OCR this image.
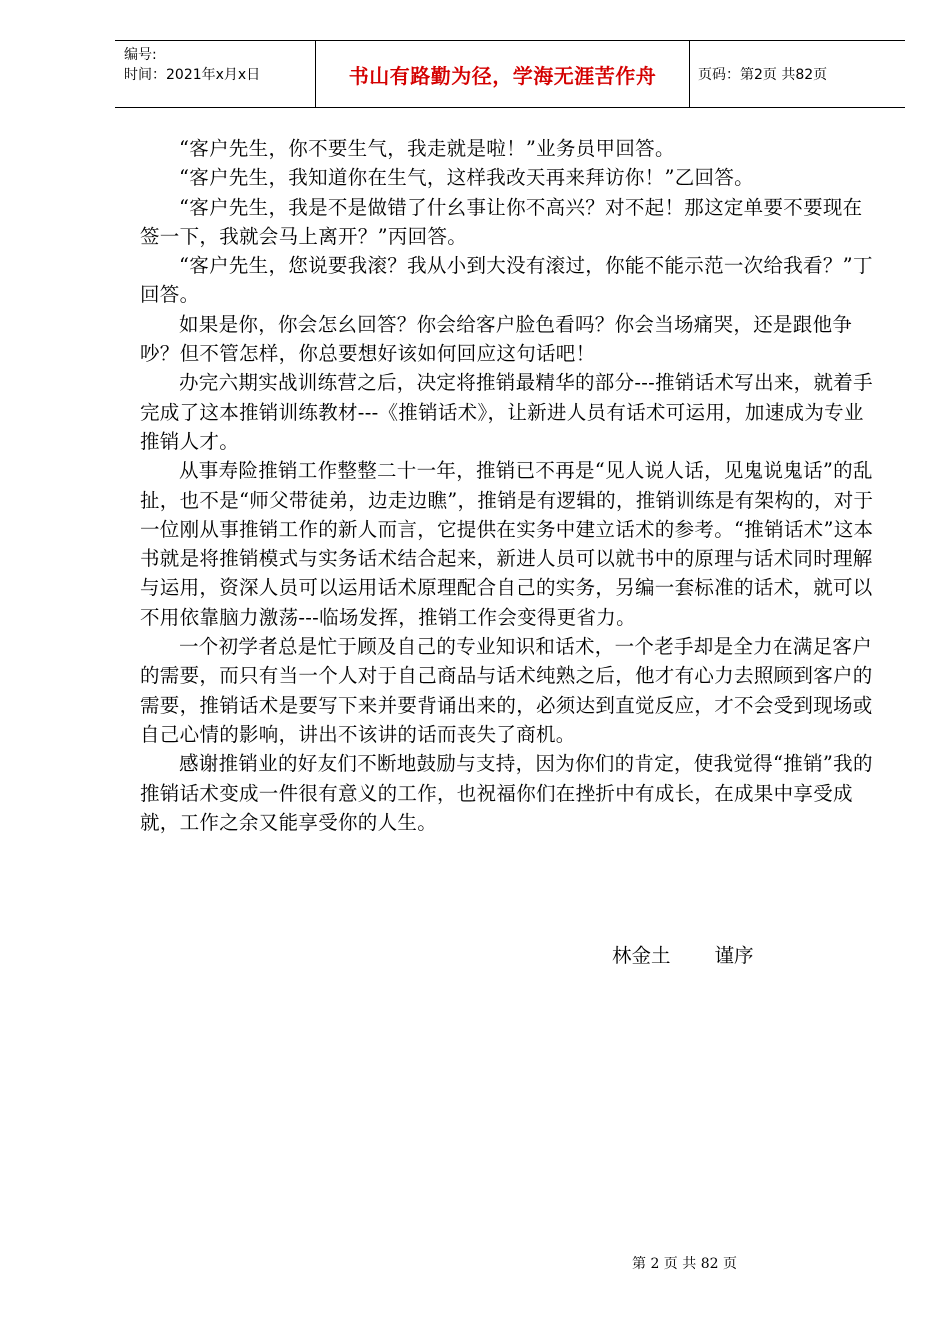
编号:
时间：2021年x月x日	书山有路勤为径，学海无涯苦作舟	页码：第2页 共82页

“客户先生，你不要生气，我走就是啦！”业务员甲回答。

“客户先生，我知道你在生气，这样我改天再来拜访你！”乙回答。

“客户先生，我是不是做错了什幺事让你不高兴？对不起！那这定单要不要现在签一下，我就会马上离开？”丙回答。

“客户先生，您说要我滚？我从小到大没有滚过，你能不能示范一次给我看？”丁回答。

如果是你，你会怎幺回答？你会给客户脸色看吗？你会当场痛哭，还是跟他争吵？但不管怎样，你总要想好该如何回应这句话吧！

办完六期实战训练营之后，决定将推销最精华的部分---推销话术写出来，就着手完成了这本推销训练教材---《推销话术》，让新进人员有话术可运用，加速成为专业推销人才。

从事寿险推销工作整整二十一年，推销已不再是“见人说人话，见鬼说鬼话”的乱扯，也不是“师父带徒弟，边走边瞧”，推销是有逻辑的，推销训练是有架构的，对于一位刚从事推销工作的新人而言，它提供在实务中建立话术的参考。“推销话术”这本书就是将推销模式与实务话术结合起来，新进人员可以就书中的原理与话术同时理解与运用，资深人员可以运用话术原理配合自己的实务，另编一套标准的话术，就可以不用依靠脑力激荡---临场发挥，推销工作会变得更省力。

一个初学者总是忙于顾及自己的专业知识和话术，一个老手却是全力在满足客户的需要，而只有当一个人对于自己商品与话术纯熟之后，他才有心力去照顾到客户的需要，推销话术是要写下来并要背诵出来的，必须达到直觉反应，才不会受到现场或自己心情的影响，讲出不该讲的话而丧失了商机。

感谢推销业的好友们不断地鼓励与支持，因为你们的肯定，使我觉得“推销”我的推销话术变成一件很有意义的工作，也祝福你们在挫折中有成长，在成果中享受成就，工作之余又能享受你的人生。

林金土 谨序
第 2 页 共 82 页
